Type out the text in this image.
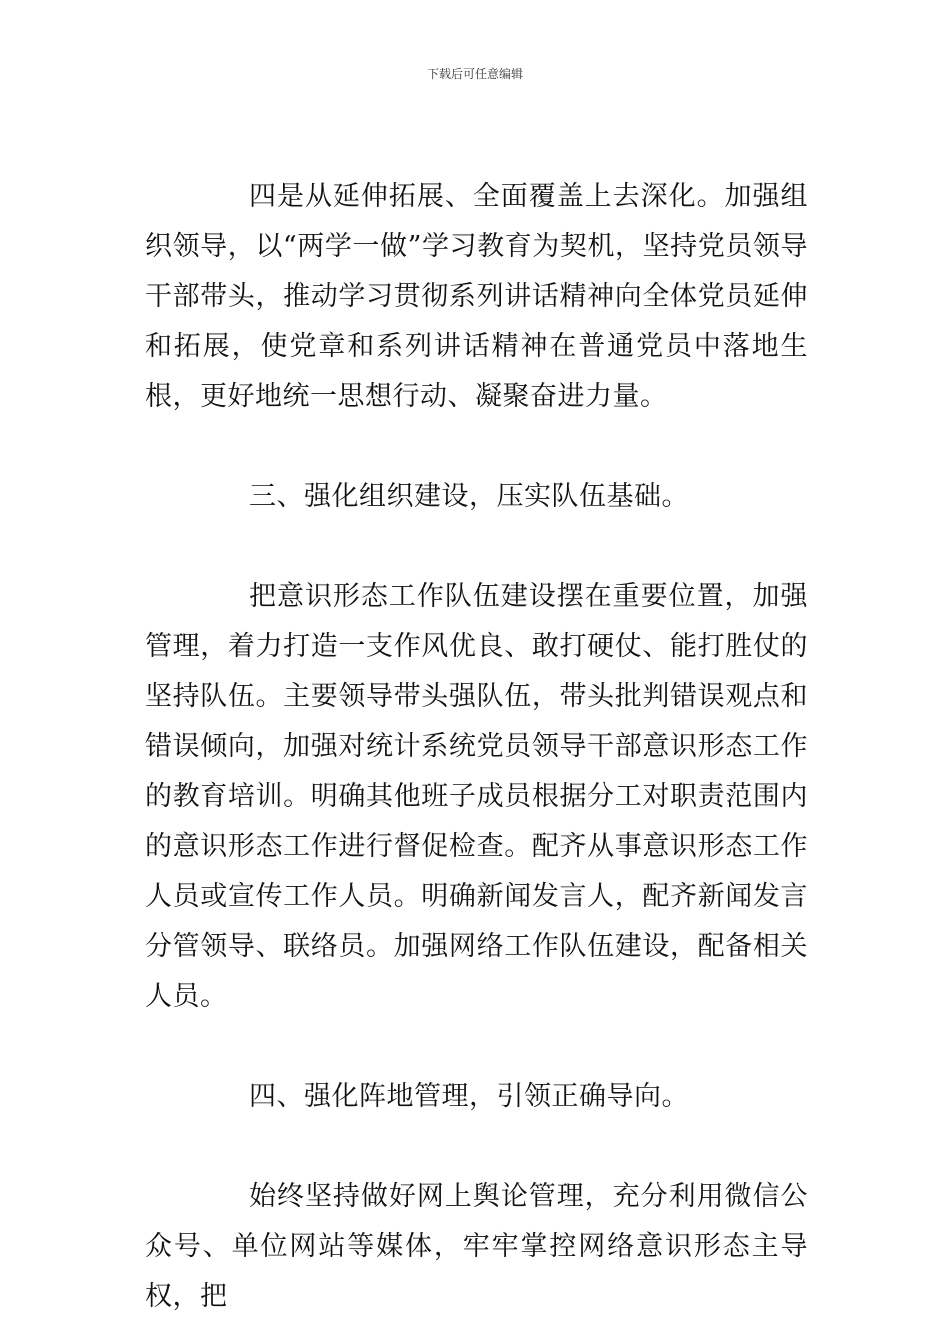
下载后可任意编辑

四是从延伸拓展、全面覆盖上去深化。加强组织领导，以“两学一做”学习教育为契机，坚持党员领导干部带头，推动学习贯彻系列讲话精神向全体党员延伸和拓展，使党章和系列讲话精神在普通党员中落地生根，更好地统一思想行动、凝聚奋进力量。

三、强化组织建设，压实队伍基础。

把意识形态工作队伍建设摆在重要位置，加强管理，着力打造一支作风优良、敢打硬仗、能打胜仗的坚持队伍。主要领导带头强队伍，带头批判错误观点和错误倾向，加强对统计系统党员领导干部意识形态工作的教育培训。明确其他班子成员根据分工对职责范围内的意识形态工作进行督促检查。配齐从事意识形态工作人员或宣传工作人员。明确新闻发言人，配齐新闻发言分管领导、联络员。加强网络工作队伍建设，配备相关人员。

四、强化阵地管理，引领正确导向。

始终坚持做好网上舆论管理，充分利用微信公众号、单位网站等媒体，牢牢掌控网络意识形态主导权，把
